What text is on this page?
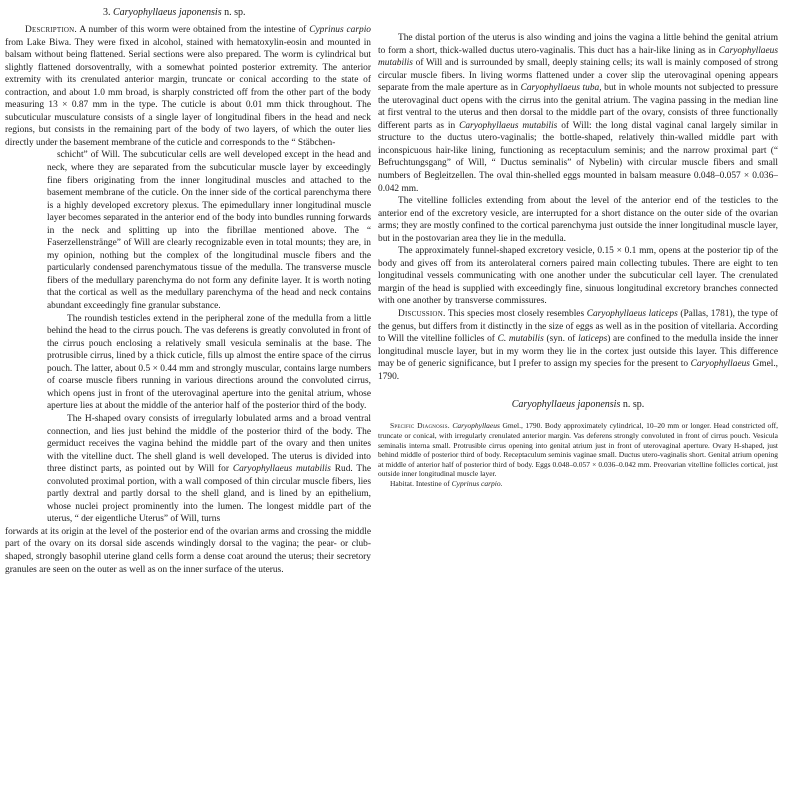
3. Caryophyllaeus japonensis n. sp.

Description. A number of this worm were obtained from the intestine of Cyprinus carpio from Lake Biwa. They were fixed in alcohol, stained with hematoxylin-eosin and mounted in balsam without being flattened. Serial sections were also prepared. The worm is cylindrical but slightly flattened dorsoventrally, with a somewhat pointed posterior extremity. The anterior extremity with its crenulated anterior margin, truncate or conical according to the state of contraction, and about 1.0 mm broad, is sharply constricted off from the other part of the body measuring 13 × 0.87 mm in the type. The cuticle is about 0.01 mm thick throughout. The subcuticular musculature consists of a single layer of longitudinal fibers in the head and neck regions, but consists in the remaining part of the body of two layers, of which the outer lies directly under the basement membrane of the cuticle and corresponds to the “ Stäbchen-

schicht” of Will. The subcuticular cells are well developed except in the head and neck, where they are separated from the subcuticular muscle layer by exceedingly fine fibers originating from the inner longitudinal muscles and attached to the basement membrane of the cuticle. On the inner side of the cortical parenchyma there is a highly developed excretory plexus. The epimedullary inner longitudinal muscle layer becomes separated in the anterior end of the body into bundles running forwards in the neck and splitting up into the fibrillae mentioned above. The “ Faserzellenstränge” of Will are clearly recognizable even in total mounts; they are, in my opinion, nothing but the complex of the longitudinal muscle fibers and the particularly condensed parenchymatous tissue of the medulla. The transverse muscle fibers of the medullary parenchyma do not form any definite layer. It is worth noting that the cortical as well as the medullary parenchyma of the head and neck contains abundant exceedingly fine granular substance.

The roundish testicles extend in the peripheral zone of the medulla from a little behind the head to the cirrus pouch. The vas deferens is greatly convoluted in front of the cirrus pouch enclosing a relatively small vesicula seminalis at the base. The protrusible cirrus, lined by a thick cuticle, fills up almost the entire space of the cirrus pouch. The latter, about 0.5 × 0.44 mm and strongly muscular, contains large numbers of coarse muscle fibers running in various directions around the convoluted cirrus, which opens just in front of the uterovaginal aperture into the genital atrium, whose aperture lies at about the middle of the anterior half of the posterior third of the body.

The H-shaped ovary consists of irregularly lobulated arms and a broad ventral connection, and lies just behind the middle of the posterior third of the body. The germiduct receives the vagina behind the middle part of the ovary and then unites with the vitelline duct. The shell gland is well developed. The uterus is divided into three distinct parts, as pointed out by Will for Caryophyllaeus mutabilis Rud. The convoluted proximal portion, with a wall composed of thin circular muscle fibers, lies partly dextral and partly dorsal to the shell gland, and is lined by an epithelium, whose nuclei project prominently into the lumen. The longest middle part of the uterus, “ der eigentliche Uterus” of Will, turns

forwards at its origin at the level of the posterior end of the ovarian arms and crossing the middle part of the ovary on its dorsal side ascends windingly dorsal to the vagina; the pear- or club-shaped, strongly basophil uterine gland cells form a dense coat around the uterus; their secretory granules are seen on the outer as well as on the inner surface of the uterus.

The distal portion of the uterus is also winding and joins the vagina a little behind the genital atrium to form a short, thick-walled ductus utero-vaginalis. This duct has a hair-like lining as in Caryophyllaeus mutabilis of Will and is surrounded by small, deeply staining cells; its wall is mainly composed of strong circular muscle fibers. In living worms flattened under a cover slip the uterovaginal opening appears separate from the male aperture as in Caryophyllaeus tuba, but in whole mounts not subjected to pressure the uterovaginal duct opens with the cirrus into the genital atrium. The vagina passing in the median line at first ventral to the uterus and then dorsal to the middle part of the ovary, consists of three functionally different parts as in Caryophyllaeus mutabilis of Will: the long distal vaginal canal largely similar in structure to the ductus utero-vaginalis; the bottle-shaped, relatively thin-walled middle part with inconspicuous hair-like lining, functioning as receptaculum seminis; and the narrow proximal part (“ Befruchtungsgang” of Will, “ Ductus seminalis” of Nybelin) with circular muscle fibers and small numbers of Begleitzellen. The oval thin-shelled eggs mounted in balsam measure 0.048–0.057 × 0.036–0.042 mm.

The vitelline follicles extending from about the level of the anterior end of the testicles to the anterior end of the excretory vesicle, are interrupted for a short distance on the outer side of the ovarian arms; they are mostly confined to the cortical parenchyma just outside the inner longitudinal muscle layer, but in the postovarian area they lie in the medulla.

The approximately funnel-shaped excretory vesicle, 0.15 × 0.1 mm, opens at the posterior tip of the body and gives off from its anterolateral corners paired main collecting tubules. There are eight to ten longitudinal vessels communicating with one another under the subcuticular cell layer. The crenulated margin of the head is supplied with exceedingly fine, sinuous longitudinal excretory branches connected with one another by transverse commissures.

Discussion. This species most closely resembles Caryophyllaeus laticeps (Pallas, 1781), the type of the genus, but differs from it distinctly in the size of eggs as well as in the position of vitellaria. According to Will the vitelline follicles of C. mutabilis (syn. of laticeps) are confined to the medulla inside the inner longitudinal muscle layer, but in my worm they lie in the cortex just outside this layer. This difference may be of generic significance, but I prefer to assign my species for the present to Caryophyllaeus Gmel., 1790.

Caryophyllaeus japonensis n. sp.

Specific Diagnosis. Caryophyllaeus Gmel., 1790. Body approximately cylindrical, 10–20 mm or longer. Head constricted off, truncate or conical, with irregularly crenulated anterior margin. Vas deferens strongly convoluted in front of cirrus pouch. Vesicula seminalis interna small. Protrusible cirrus opening into genital atrium just in front of uterovaginal aperture. Ovary H-shaped, just behind middle of posterior third of body. Receptaculum seminis vaginae small. Ductus utero-vaginalis short. Genital atrium opening at middle of anterior half of posterior third of body. Eggs 0.048–0.057 × 0.036–0.042 mm. Preovarian vitelline follicles cortical, just outside inner longitudinal muscle layer.

Habitat. Intestine of Cyprinus carpio.
